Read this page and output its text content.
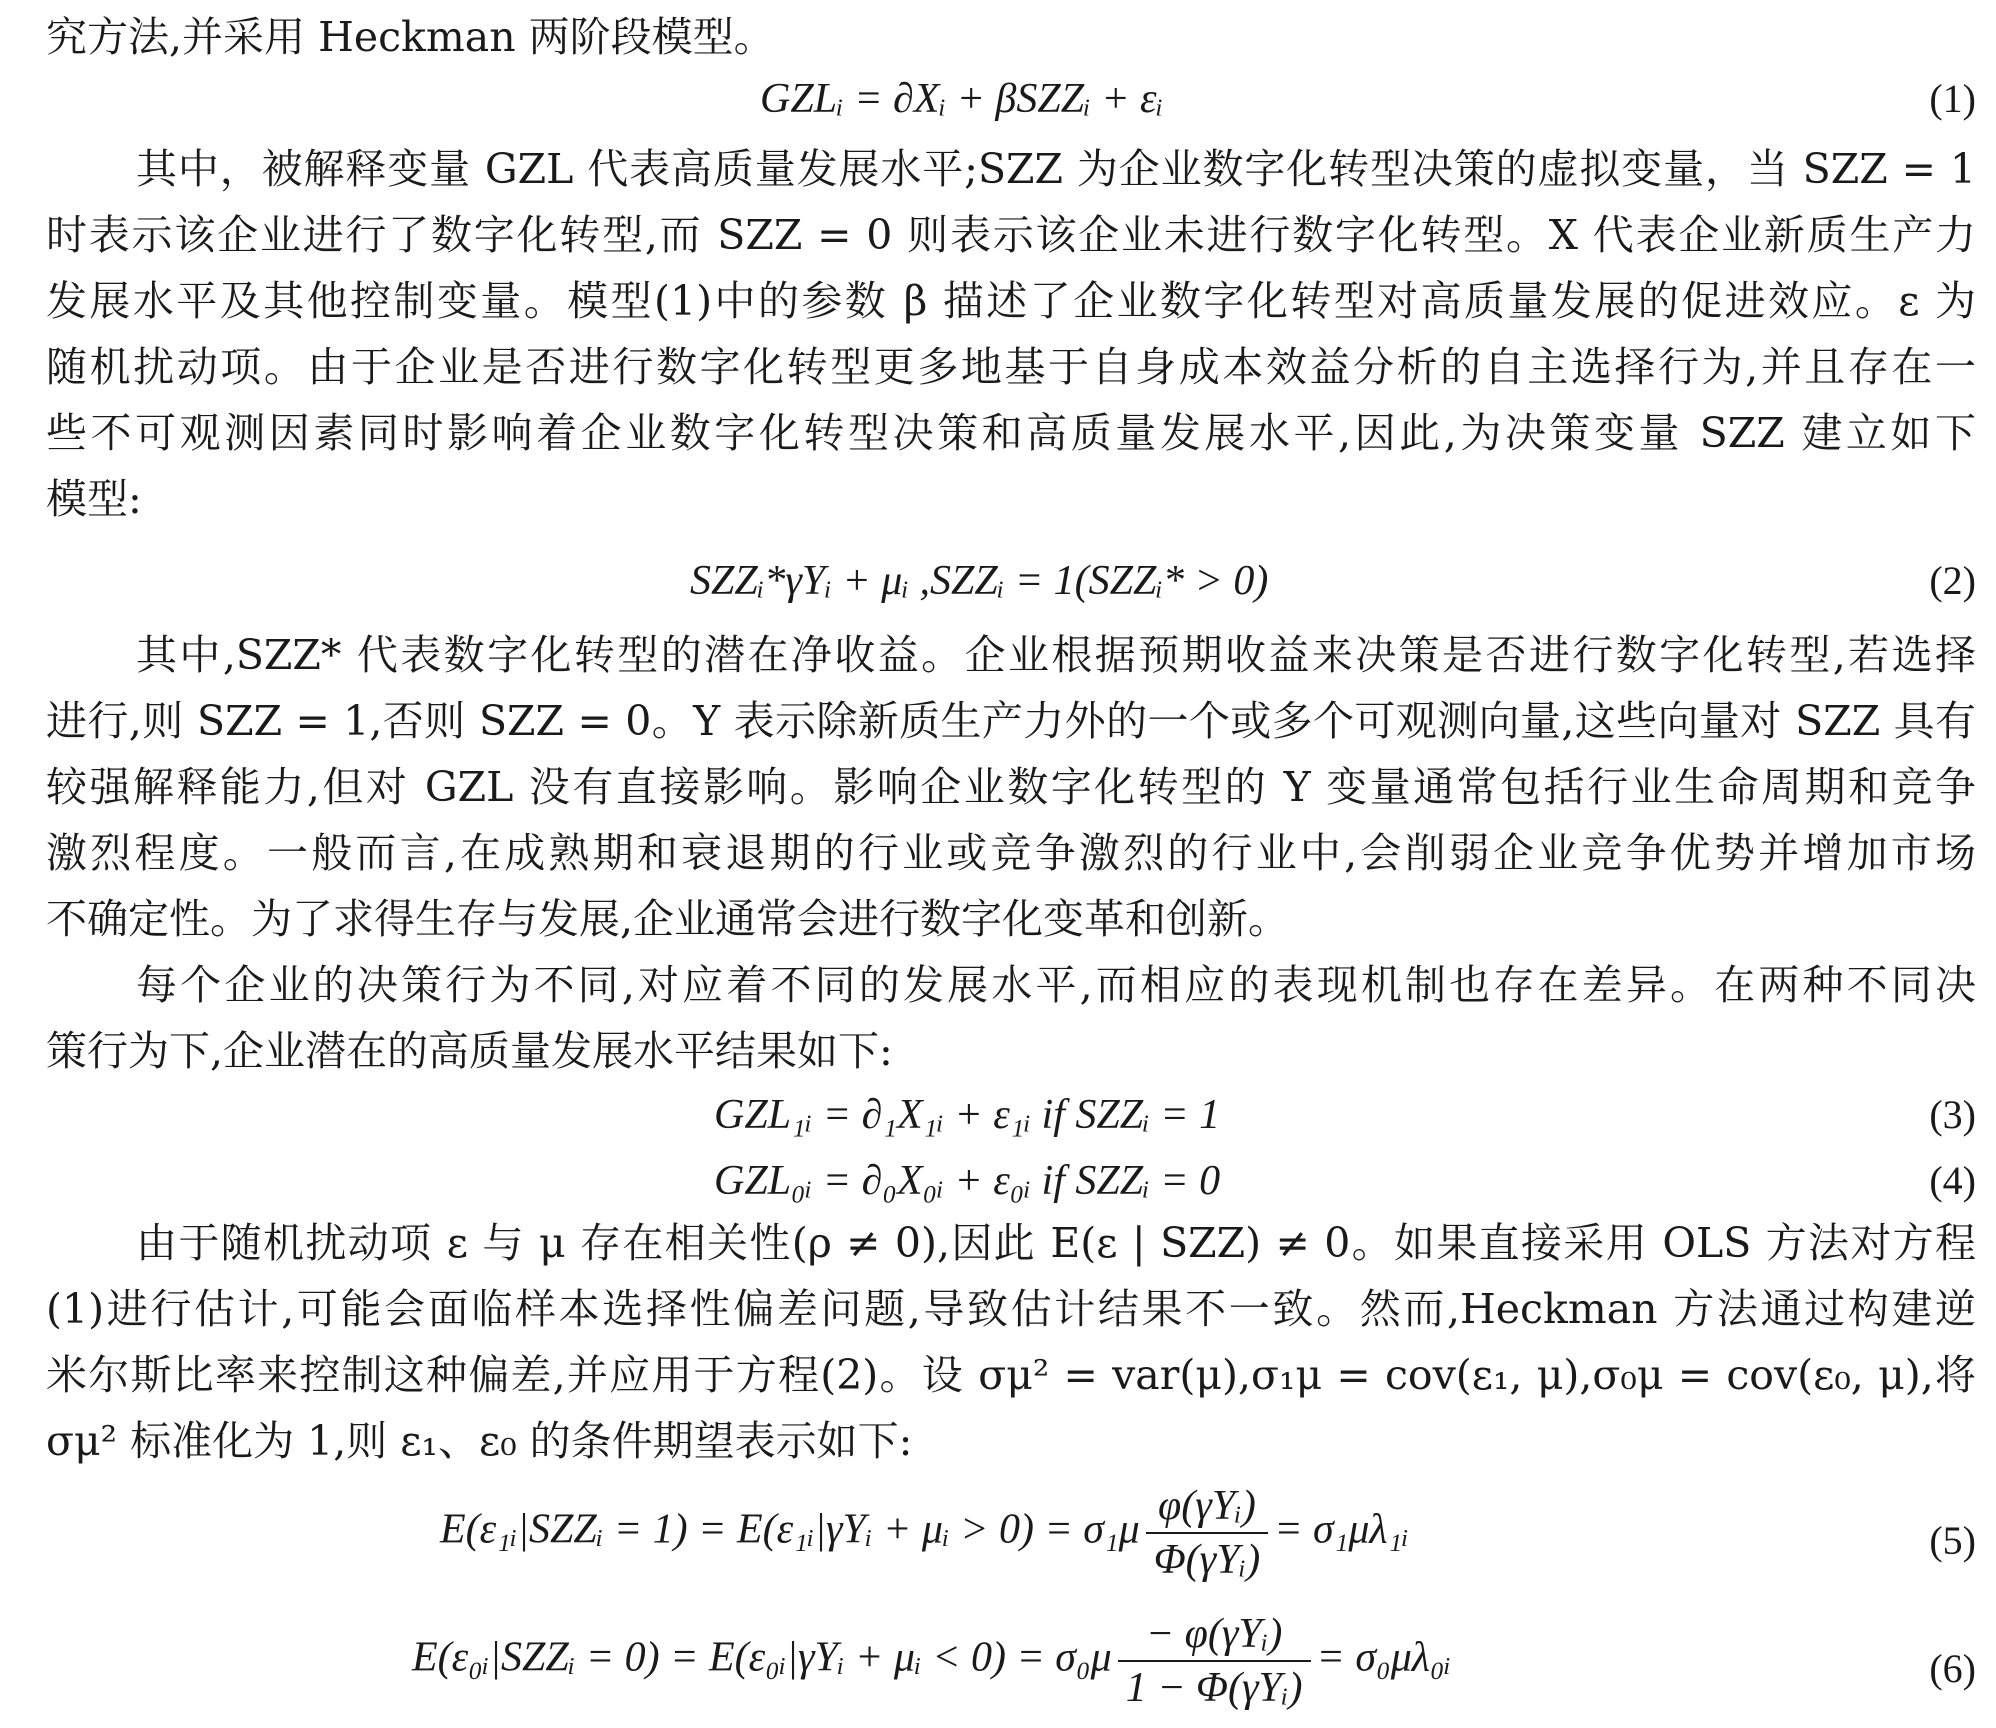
究方法,并采用 Heckman 两阶段模型。
GZLᵢ = ∂Xᵢ + βSZZᵢ + εᵢ	(1)
其中，被解释变量 GZL 代表高质量发展水平;SZZ 为企业数字化转型决策的虚拟变量，当 SZZ = 1
时表示该企业进行了数字化转型,而 SZZ = 0 则表示该企业未进行数字化转型。X 代表企业新质生产力
发展水平及其他控制变量。模型(1)中的参数 β 描述了企业数字化转型对高质量发展的促进效应。ε 为
随机扰动项。由于企业是否进行数字化转型更多地基于自身成本效益分析的自主选择行为,并且存在一
些不可观测因素同时影响着企业数字化转型决策和高质量发展水平,因此,为决策变量 SZZ 建立如下
模型:
SZZᵢ*γYᵢ + μᵢ ,SZZᵢ = 1(SZZᵢ* > 0)	(2)
其中,SZZ* 代表数字化转型的潜在净收益。企业根据预期收益来决策是否进行数字化转型,若选择
进行,则 SZZ = 1,否则 SZZ = 0。Y 表示除新质生产力外的一个或多个可观测向量,这些向量对 SZZ 具有
较强解释能力,但对 GZL 没有直接影响。影响企业数字化转型的 Y 变量通常包括行业生命周期和竞争
激烈程度。一般而言,在成熟期和衰退期的行业或竞争激烈的行业中,会削弱企业竞争优势并增加市场
不确定性。为了求得生存与发展,企业通常会进行数字化变革和创新。
每个企业的决策行为不同,对应着不同的发展水平,而相应的表现机制也存在差异。在两种不同决
策行为下,企业潜在的高质量发展水平结果如下:
GZL₁ᵢ = ∂₁X₁ᵢ + ε₁ᵢ if SZZᵢ = 1	(3)
GZL₀ᵢ = ∂₀X₀ᵢ + ε₀ᵢ if SZZᵢ = 0	(4)
由于随机扰动项 ε 与 μ 存在相关性(ρ ≠ 0),因此 E(ε | SZZ) ≠ 0。如果直接采用 OLS 方法对方程
(1)进行估计,可能会面临样本选择性偏差问题,导致估计结果不一致。然而,Heckman 方法通过构建逆
米尔斯比率来控制这种偏差,并应用于方程(2)。设 σμ² = var(μ),σ₁μ = cov(ε₁, μ),σ₀μ = cov(ε₀, μ),将
σμ² 标准化为 1,则 ε₁、ε₀ 的条件期望表示如下:
E(ε₁ᵢ|SZZᵢ = 1) = E(ε₁ᵢ|γYᵢ + μᵢ > $0) = \sigma_1\mu \frac{\text{φ(γYᵢ)}}{\text{Φ(γYᵢ)}}$ = σ₁μλ₁ᵢ	(5)
E(ε₀ᵢ|SZZᵢ = 0) = E(ε₀ᵢ|γYᵢ + μᵢ < $0) = \sigma_0\mu \frac{\text{− φ(γYᵢ)}}{\text{1 − Φ(γYᵢ)}}$ = σ₀μλ₀ᵢ	(6)
